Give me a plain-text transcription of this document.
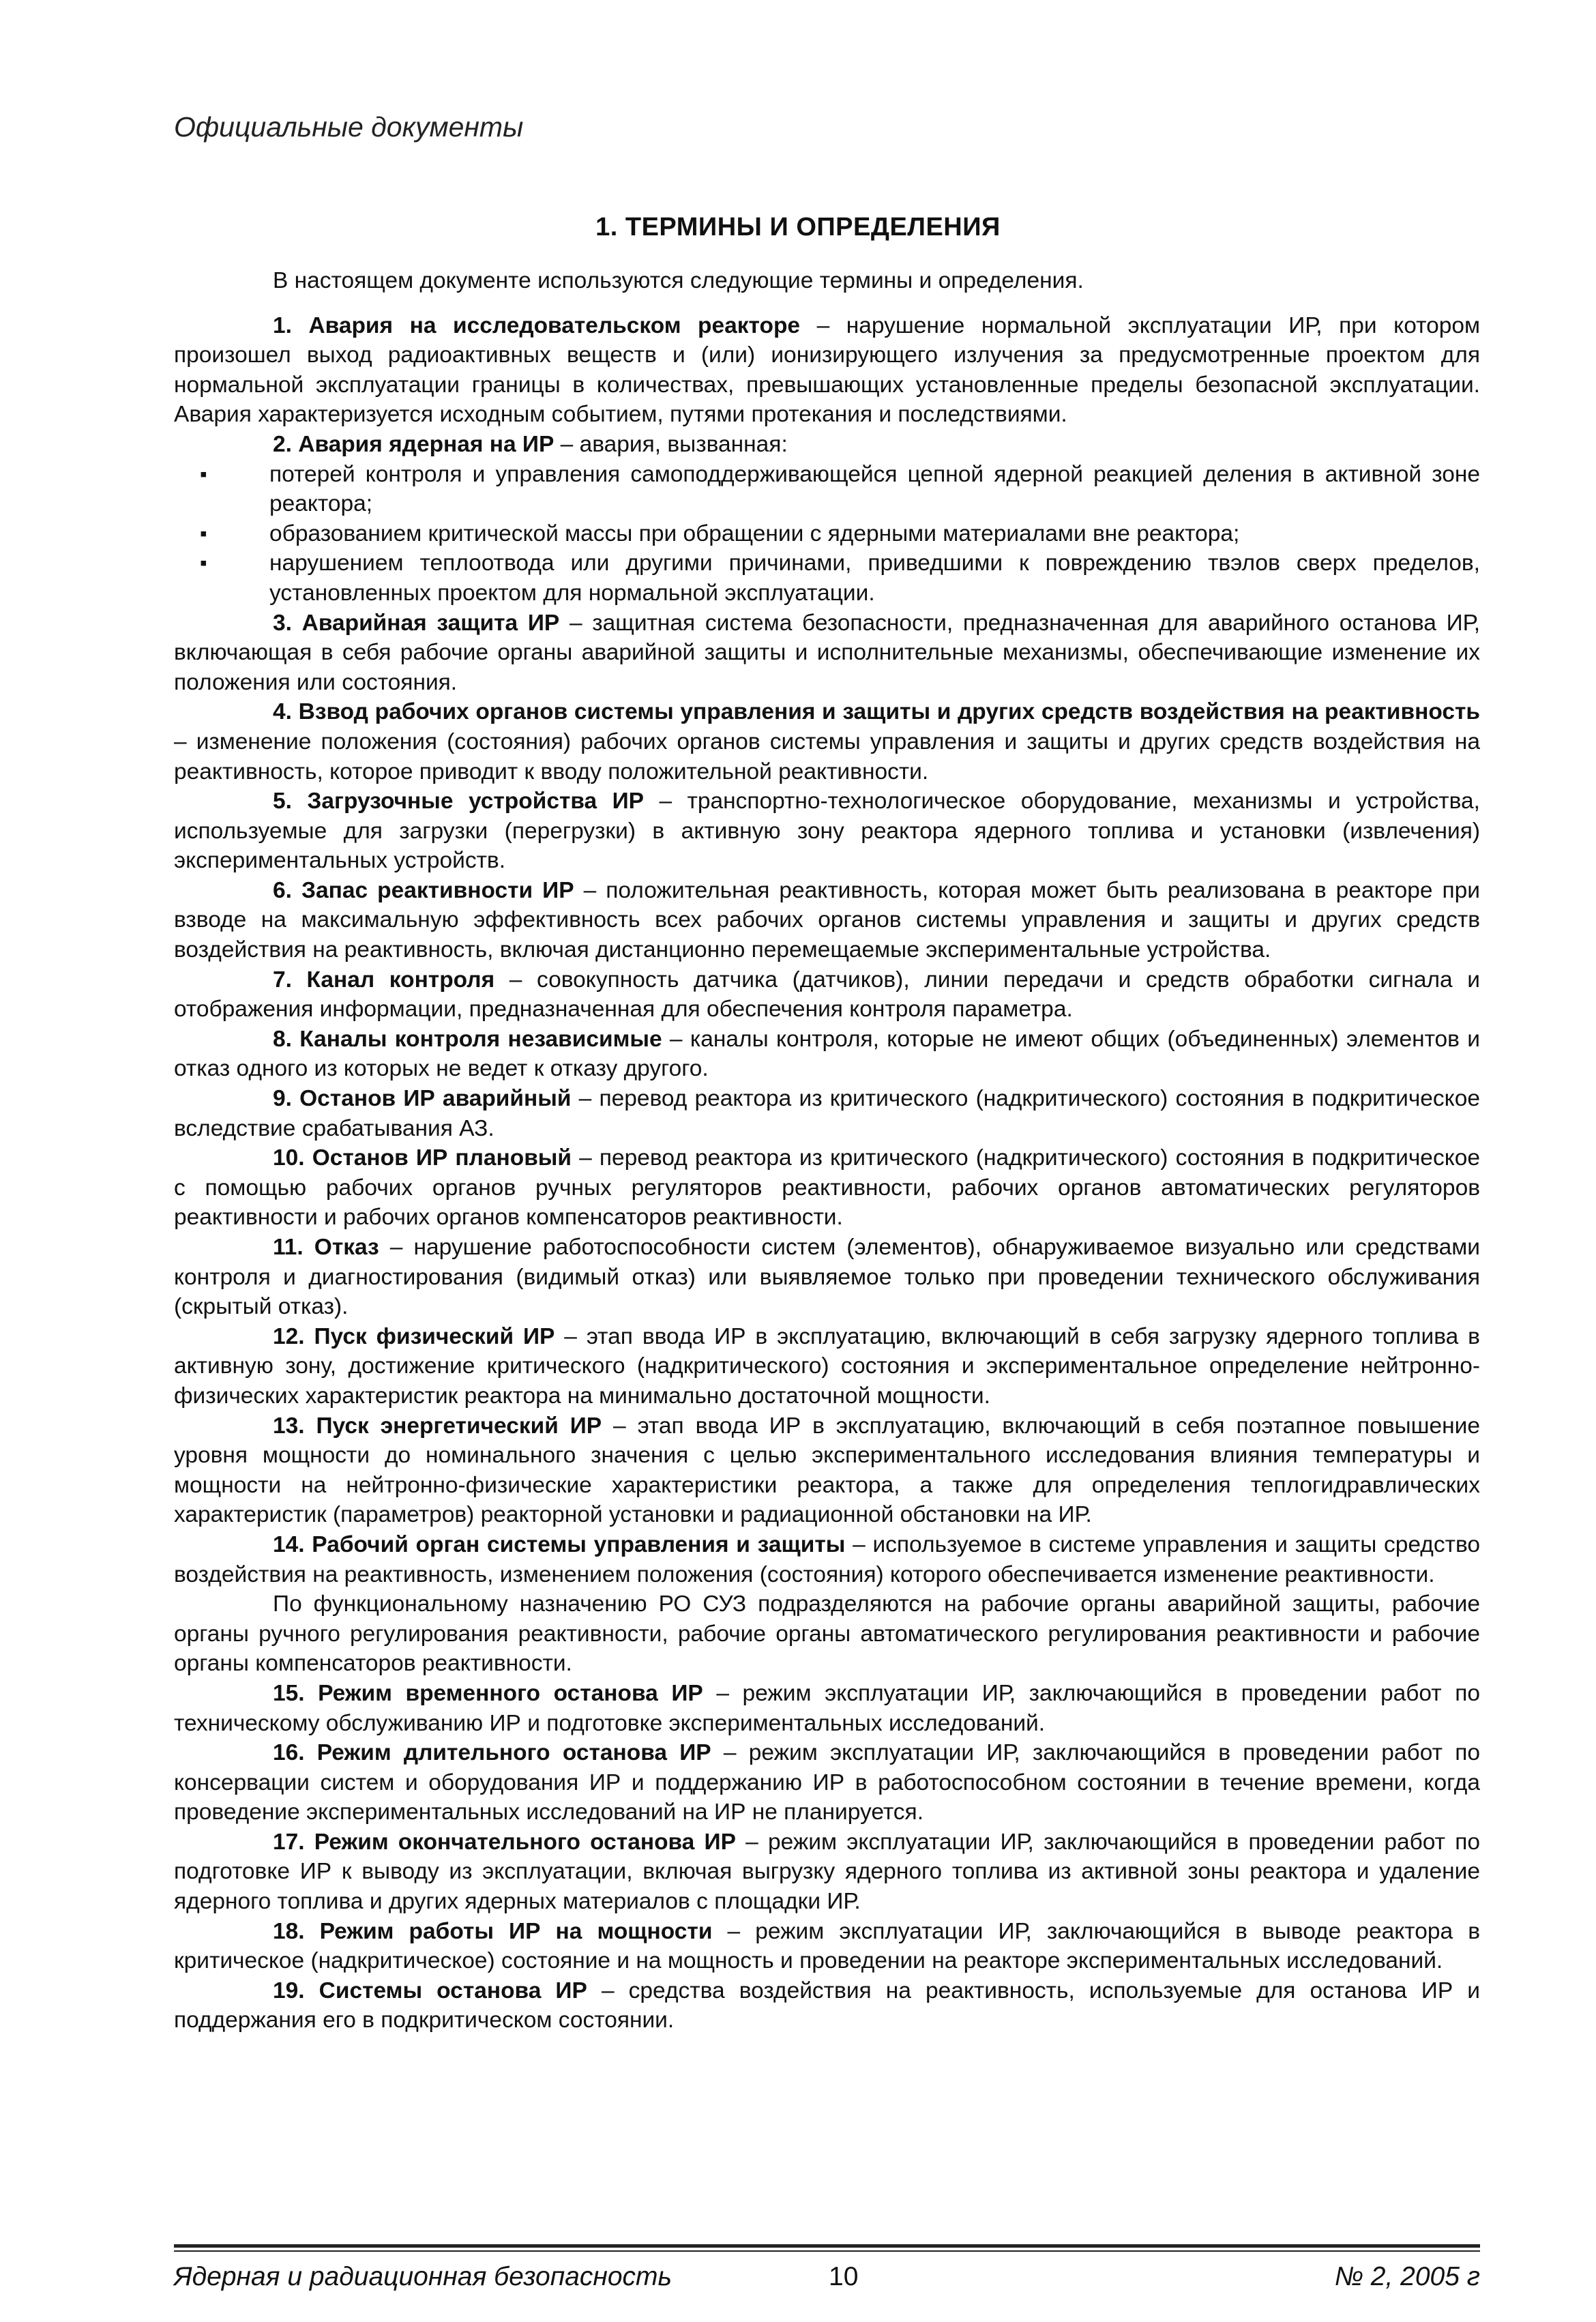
Официальные документы
1. ТЕРМИНЫ И ОПРЕДЕЛЕНИЯ

В настоящем документе используются следующие термины и определения.

1. Авария на исследовательском реакторе – нарушение нормальной эксплуатации ИР, при котором произошел выход радиоактивных веществ и (или) ионизирующего излучения за предусмотренные проектом для нормальной эксплуатации границы в количествах, превышающих установленные пределы безопасной эксплуатации. Авария характеризуется исходным событием, путями протекания и последствиями.

2. Авария ядерная на ИР – авария, вызванная:

▪ потерей контроля и управления самоподдерживающейся цепной ядерной реакцией деления в активной зоне реактора;
▪ образованием критической массы при обращении с ядерными материалами вне реактора;
▪ нарушением теплоотвода или другими причинами, приведшими к повреждению твэлов сверх пределов, установленных проектом для нормальной эксплуатации.

3. Аварийная защита ИР – защитная система безопасности, предназначенная для аварийного останова ИР, включающая в себя рабочие органы аварийной защиты и исполнительные механизмы, обеспечивающие изменение их положения или состояния.

4. Взвод рабочих органов системы управления и защиты и других средств воздействия на реактивность – изменение положения (состояния) рабочих органов системы управления и защиты и других средств воздействия на реактивность, которое приводит к вводу положительной реактивности.

5. Загрузочные устройства ИР – транспортно-технологическое оборудование, механизмы и устройства, используемые для загрузки (перегрузки) в активную зону реактора ядерного топлива и установки (извлечения) экспериментальных устройств.

6. Запас реактивности ИР – положительная реактивность, которая может быть реализована в реакторе при взводе на максимальную эффективность всех рабочих органов системы управления и защиты и других средств воздействия на реактивность, включая дистанционно перемещаемые экспериментальные устройства.

7. Канал контроля – совокупность датчика (датчиков), линии передачи и средств обработки сигнала и отображения информации, предназначенная для обеспечения контроля параметра.

8. Каналы контроля независимые – каналы контроля, которые не имеют общих (объединенных) элементов и отказ одного из которых не ведет к отказу другого.

9. Останов ИР аварийный – перевод реактора из критического (надкритического) состояния в подкритическое вследствие срабатывания АЗ.

10. Останов ИР плановый – перевод реактора из критического (надкритического) состояния в подкритическое с помощью рабочих органов ручных регуляторов реактивности, рабочих органов автоматических регуляторов реактивности и рабочих органов компенсаторов реактивности.

11. Отказ – нарушение работоспособности систем (элементов), обнаруживаемое визуально или средствами контроля и диагностирования (видимый отказ) или выявляемое только при проведении технического обслуживания (скрытый отказ).

12. Пуск физический ИР – этап ввода ИР в эксплуатацию, включающий в себя загрузку ядерного топлива в активную зону, достижение критического (надкритического) состояния и экспериментальное определение нейтронно-физических характеристик реактора на минимально достаточной мощности.

13. Пуск энергетический ИР – этап ввода ИР в эксплуатацию, включающий в себя поэтапное повышение уровня мощности до номинального значения с целью экспериментального исследования влияния температуры и мощности на нейтронно-физические характеристики реактора, а также для определения теплогидравлических характеристик (параметров) реакторной установки и радиационной обстановки на ИР.

14. Рабочий орган системы управления и защиты – используемое в системе управления и защиты средство воздействия на реактивность, изменением положения (состояния) которого обеспечивается изменение реактивности.

По функциональному назначению РО СУЗ подразделяются на рабочие органы аварийной защиты, рабочие органы ручного регулирования реактивности, рабочие органы автоматического регулирования реактивности и рабочие органы компенсаторов реактивности.

15. Режим временного останова ИР – режим эксплуатации ИР, заключающийся в проведении работ по техническому обслуживанию ИР и подготовке экспериментальных исследований.

16. Режим длительного останова ИР – режим эксплуатации ИР, заключающийся в проведении работ по консервации систем и оборудования ИР и поддержанию ИР в работоспособном состоянии в течение времени, когда проведение экспериментальных исследований на ИР не планируется.

17. Режим окончательного останова ИР – режим эксплуатации ИР, заключающийся в проведении работ по подготовке ИР к выводу из эксплуатации, включая выгрузку ядерного топлива из активной зоны реактора и удаление ядерного топлива и других ядерных материалов с площадки ИР.

18. Режим работы ИР на мощности – режим эксплуатации ИР, заключающийся в выводе реактора в критическое (надкритическое) состояние и на мощность и проведении на реакторе экспериментальных исследований.

19. Системы останова ИР – средства воздействия на реактивность, используемые для останова ИР и поддержания его в подкритическом состоянии.

Ядерная и радиационная безопасность	10	№ 2, 2005 г
